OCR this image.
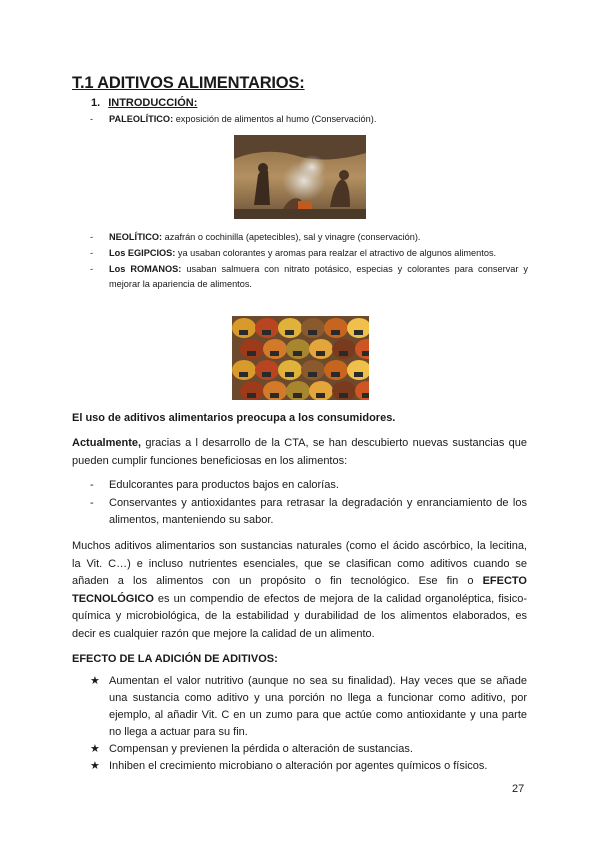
T.1 ADITIVOS ALIMENTARIOS:
1. INTRODUCCIÓN:
- PALEOLÍTICO: exposición de alimentos al humo (Conservación).
- NEOLÍTICO: azafrán o cochinilla (apetecibles), sal y vinagre (conservación).
- Los EGIPCIOS: ya usaban colorantes y aromas para realzar el atractivo de algunos alimentos.
- Los ROMANOS: usaban salmuera con nitrato potásico, especias y colorantes para conservar y mejorar la apariencia de alimentos.
El uso de aditivos alimentarios preocupa a los consumidores.
Actualmente, gracias a l desarrollo de la CTA, se han descubierto nuevas sustancias que pueden cumplir funciones beneficiosas en los alimentos:
- Edulcorantes para productos bajos en calorías.
- Conservantes y antioxidantes para retrasar la degradación y enranciamiento de los alimentos, manteniendo su sabor.
Muchos aditivos alimentarios son sustancias naturales (como el ácido ascórbico, la lecitina, la Vit. C…) e incluso nutrientes esenciales, que se clasifican como aditivos cuando se añaden a los alimentos con un propósito o fin tecnológico. Ese fin o EFECTO TECNOLÓGICO es un compendio de efectos de mejora de la calidad organoléptica, fisico-química y microbiológica, de la estabilidad y durabilidad de los alimentos elaborados, es decir es cualquier razón que mejore la calidad de un alimento.
EFECTO DE LA ADICIÓN DE ADITIVOS:
★ Aumentan el valor nutritivo (aunque no sea su finalidad). Hay veces que se añade una sustancia como aditivo y una porción no llega a funcionar como aditivo, por ejemplo, al añadir Vit. C en un zumo para que actúe como antioxidante y una parte no llega a actuar para su fin.
★ Compensan y previenen la pérdida o alteración de sustancias.
★ Inhiben el crecimiento microbiano o alteración por agentes químicos o físicos.
27
